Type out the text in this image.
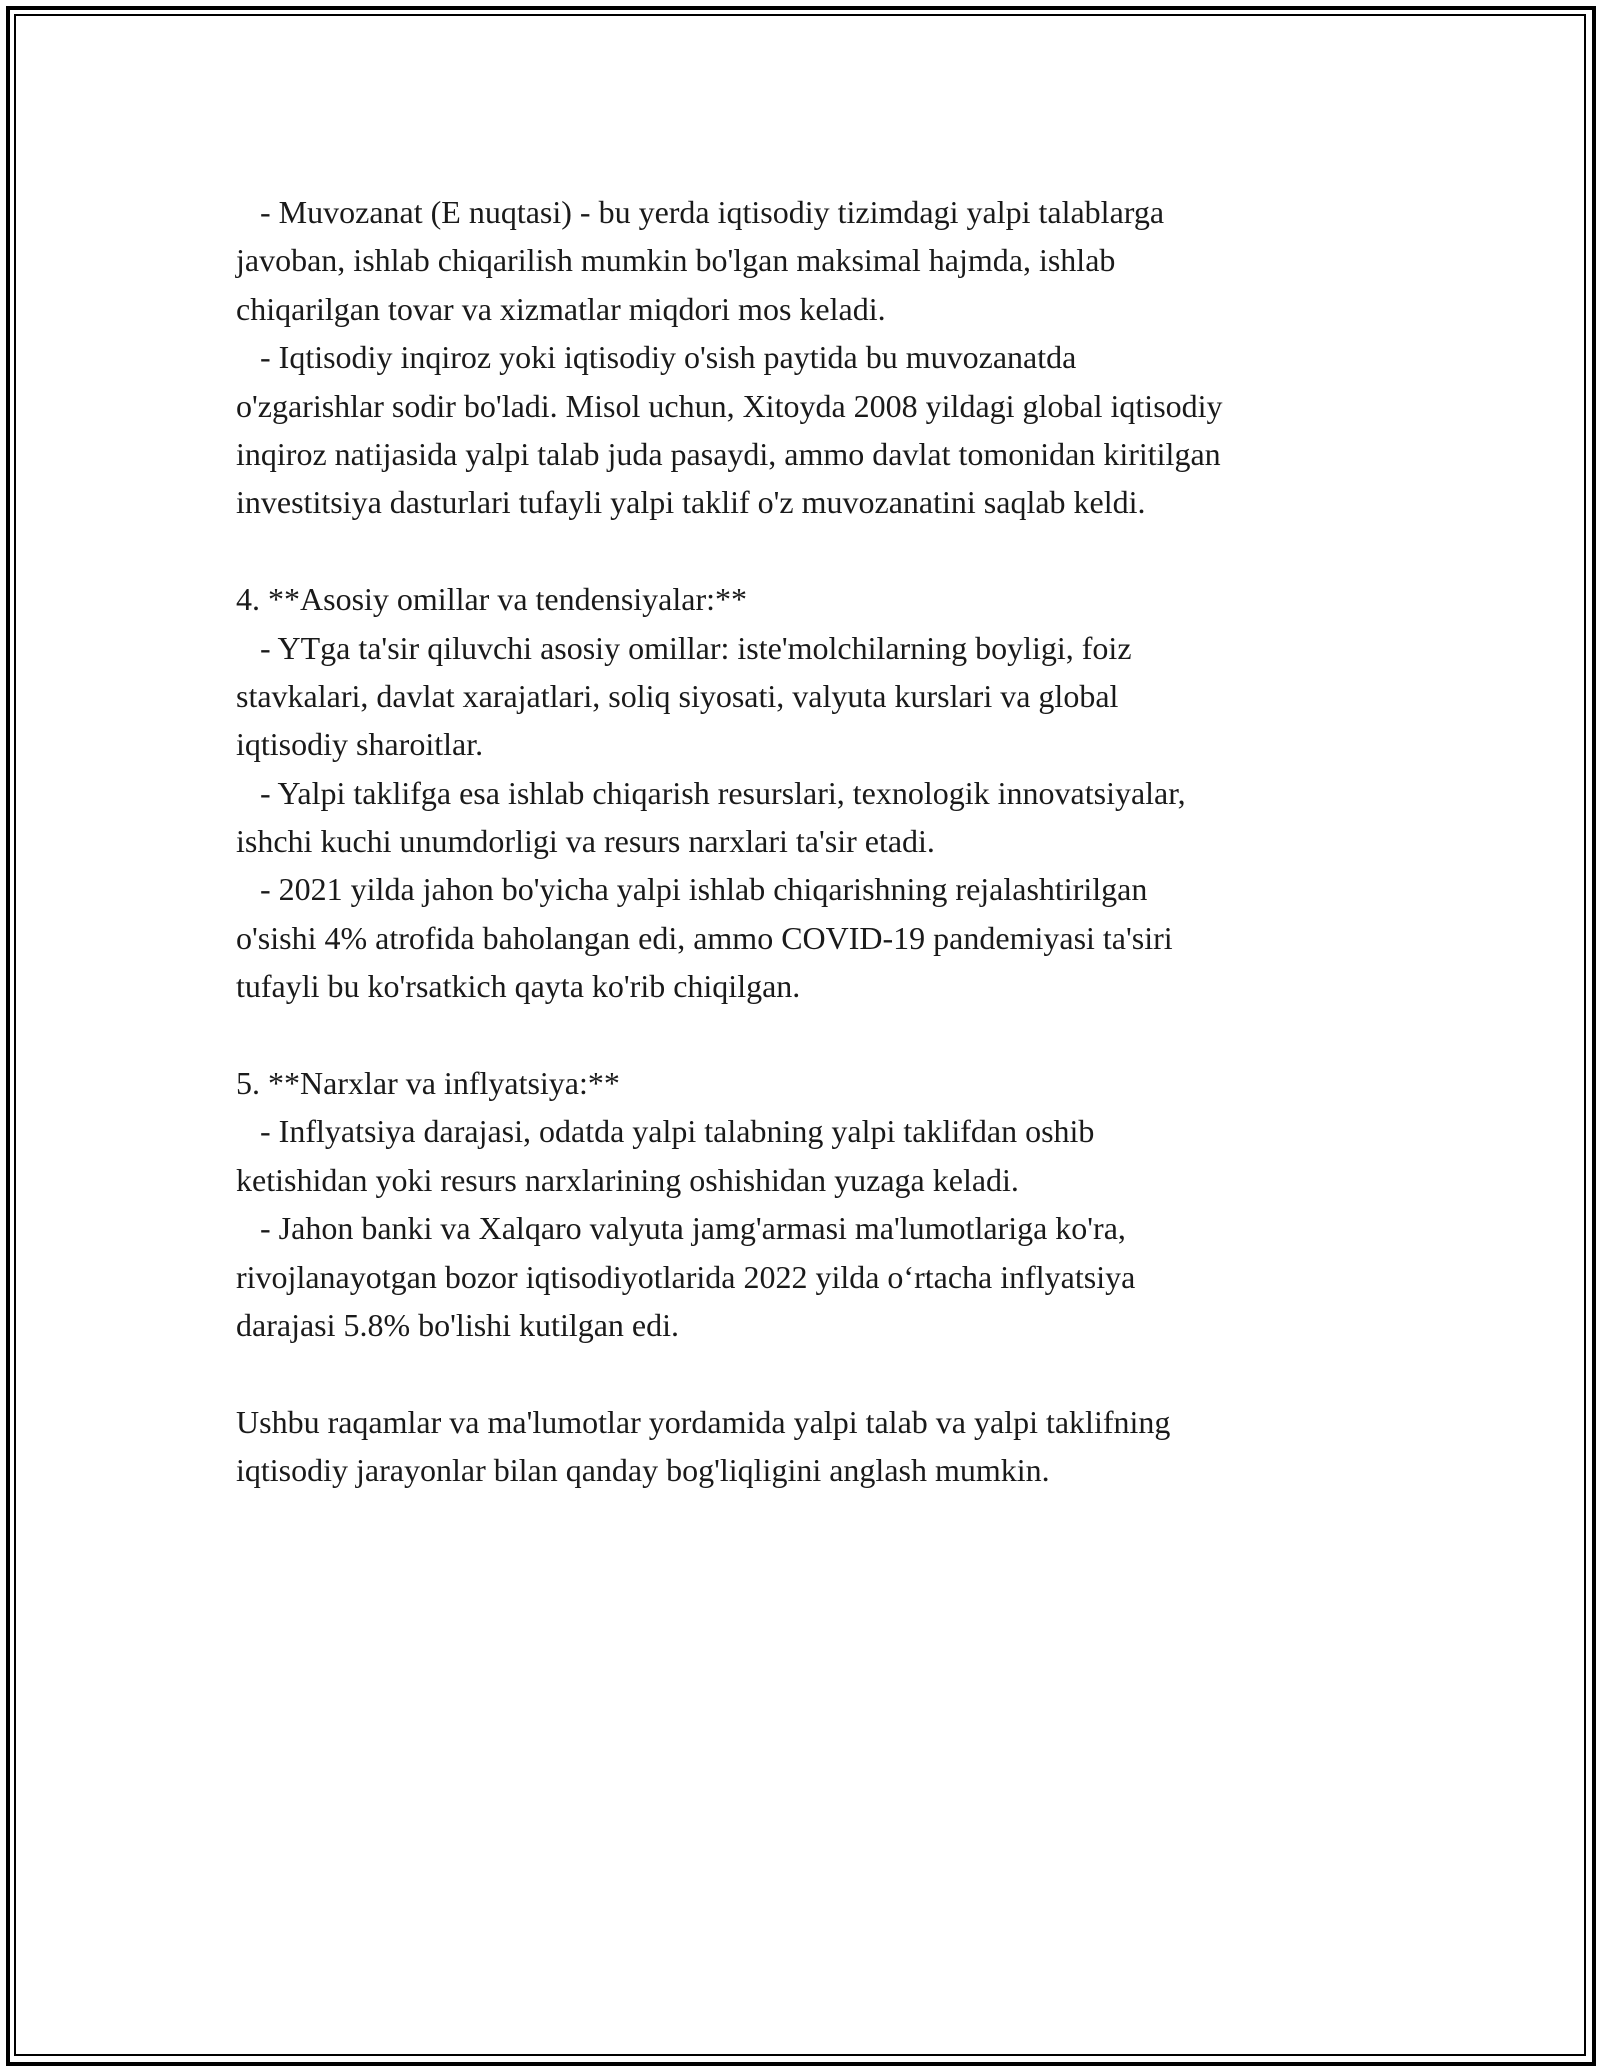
- Muvozanat (E nuqtasi) - bu yerda iqtisodiy tizimdagi yalpi talablarga
javoban, ishlab chiqarilish mumkin bo'lgan maksimal hajmda, ishlab
chiqarilgan tovar va xizmatlar miqdori mos keladi.
- Iqtisodiy inqiroz yoki iqtisodiy o'sish paytida bu muvozanatda
o'zgarishlar sodir bo'ladi. Misol uchun, Xitoyda 2008 yildagi global iqtisodiy
inqiroz natijasida yalpi talab juda pasaydi, ammo davlat tomonidan kiritilgan
investitsiya dasturlari tufayli yalpi taklif o'z muvozanatini saqlab keldi.
4. **Asosiy omillar va tendensiyalar:**
- YTga ta'sir qiluvchi asosiy omillar: iste'molchilarning boyligi, foiz
stavkalari, davlat xarajatlari, soliq siyosati, valyuta kurslari va global
iqtisodiy sharoitlar.
- Yalpi taklifga esa ishlab chiqarish resurslari, texnologik innovatsiyalar,
ishchi kuchi unumdorligi va resurs narxlari ta'sir etadi.
- 2021 yilda jahon bo'yicha yalpi ishlab chiqarishning rejalashtirilgan
o'sishi 4% atrofida baholangan edi, ammo COVID-19 pandemiyasi ta'siri
tufayli bu ko'rsatkich qayta ko'rib chiqilgan.
5. **Narxlar va inflyatsiya:**
- Inflyatsiya darajasi, odatda yalpi talabning yalpi taklifdan oshib
ketishidan yoki resurs narxlarining oshishidan yuzaga keladi.
- Jahon banki va Xalqaro valyuta jamg'armasi ma'lumotlariga ko'ra,
rivojlanayotgan bozor iqtisodiyotlarida 2022 yilda o‘rtacha inflyatsiya
darajasi 5.8% bo'lishi kutilgan edi.
Ushbu raqamlar va ma'lumotlar yordamida yalpi talab va yalpi taklifning
iqtisodiy jarayonlar bilan qanday bog'liqligini anglash mumkin.
